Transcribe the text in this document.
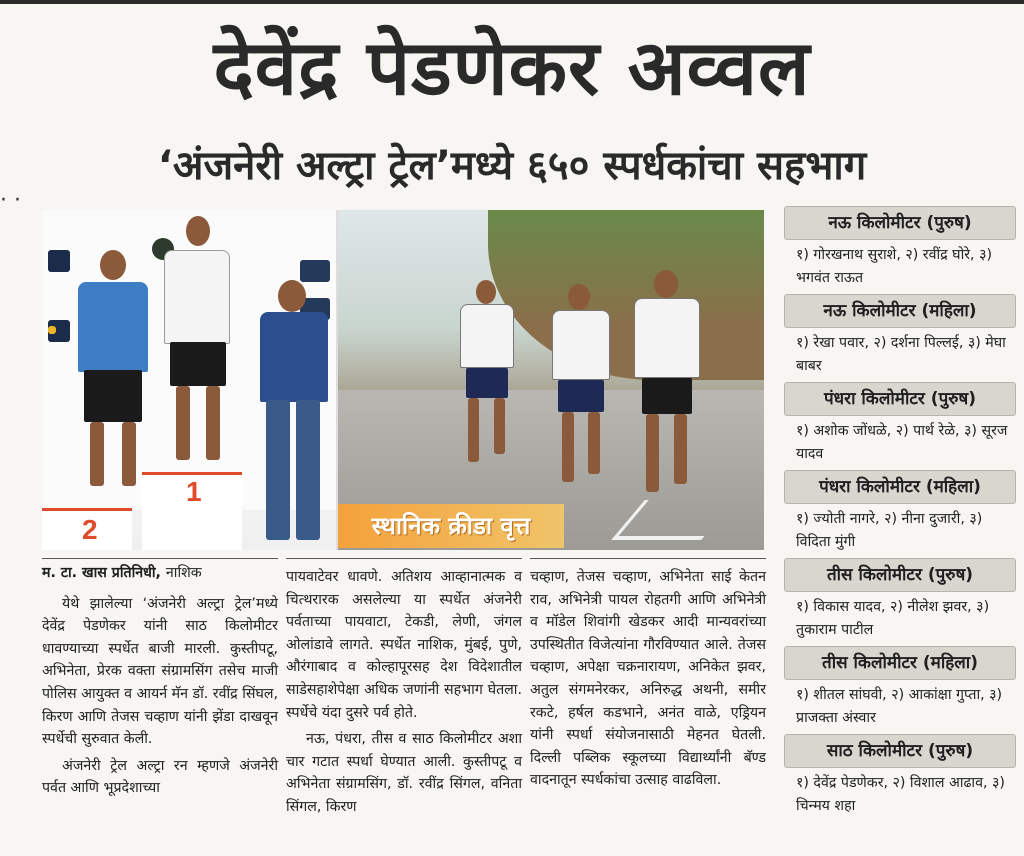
देवेंद्र पेडणेकर अव्वल
‘अंजनेरी अल्ट्रा ट्रेल’मध्ये ६५० स्पर्धकांचा सहभाग
· ·
2
1
स्थानिक क्रीडा वृत्त

म. टा. खास प्रतिनिधी, नाशिक

येथे झालेल्या ‘अंजनेरी अल्ट्रा ट्रेल’मध्ये देवेंद्र पेडणेकर यांनी साठ किलोमीटर धावण्याच्या स्पर्धेत बाजी मारली. कुस्तीपटू, अभिनेता, प्रेरक वक्ता संग्रामसिंग तसेच माजी पोलिस आयुक्त व आयर्न मॅन डॉ. रवींद्र सिंघल, किरण आणि तेजस चव्हाण यांनी झेंडा दाखवून स्पर्धेची सुरुवात केली.

अंजनेरी ट्रेल अल्ट्रा रन म्हणजे अंजनेरी पर्वत आणि भूप्रदेशाच्या

पायवाटेवर धावणे. अतिशय आव्हानात्मक व चित्थरारक असलेल्या या स्पर्धेत अंजनेरी पर्वताच्या पायवाटा, टेकडी, लेणी, जंगल ओलांडावे लागते. स्पर्धेत नाशिक, मुंबई, पुणे, औरंगाबाद व कोल्हापूरसह देश विदेशातील साडेसहाशेपेक्षा अधिक जणांनी सहभाग घेतला. स्पर्धेचे यंदा दुसरे पर्व होते.

नऊ, पंधरा, तीस व साठ किलोमीटर अशा चार गटात स्पर्धा घेण्यात आली. कुस्तीपटू व अभिनेता संग्रामसिंग, डॉ. रवींद्र सिंगल, वनिता सिंगल, किरण

चव्हाण, तेजस चव्हाण, अभिनेता साई केतन राव, अभिनेत्री पायल रोहतगी आणि अभिनेत्री व मॉडेल शिवांगी खेडकर आदी मान्यवरांच्या उपस्थितीत विजेत्यांना गौरविण्यात आले. तेजस चव्हाण, अपेक्षा चक्रनारायण, अनिकेत झवर, अतुल संगमनेरकर, अनिरुद्ध अथनी, समीर रकटे, हर्षल कडभाने, अनंत वाळे, एड्रियन यांनी स्पर्धा संयोजनासाठी मेहनत घेतली. दिल्ली पब्लिक स्कूलच्या विद्यार्थ्यांनी बॅण्ड वादनातून स्पर्धकांचा उत्साह वाढविला.

नऊ किलोमीटर (पुरुष)
१) गोरखनाथ सुराशे, २) रवींद्र घोरे, ३) भगवंत राऊत
नऊ किलोमीटर (महिला)
१) रेखा पवार, २) दर्शना पिल्लई, ३) मेघा बाबर
पंधरा किलोमीटर (पुरुष)
१) अशोक जोंधळे, २) पार्थ रेळे, ३) सूरज यादव
पंधरा किलोमीटर (महिला)
१) ज्योती नागरे, २) नीना दुजारी, ३) विदिता मुंगी
तीस किलोमीटर (पुरुष)
१) विकास यादव, २) नीलेश झवर, ३) तुकाराम पाटील
तीस किलोमीटर (महिला)
१) शीतल सांघवी, २) आकांक्षा गुप्ता, ३) प्राजक्ता अंस्वार
साठ किलोमीटर (पुरुष)
१) देवेंद्र पेडणेकर, २) विशाल आढाव, ३) चिन्मय शहा
